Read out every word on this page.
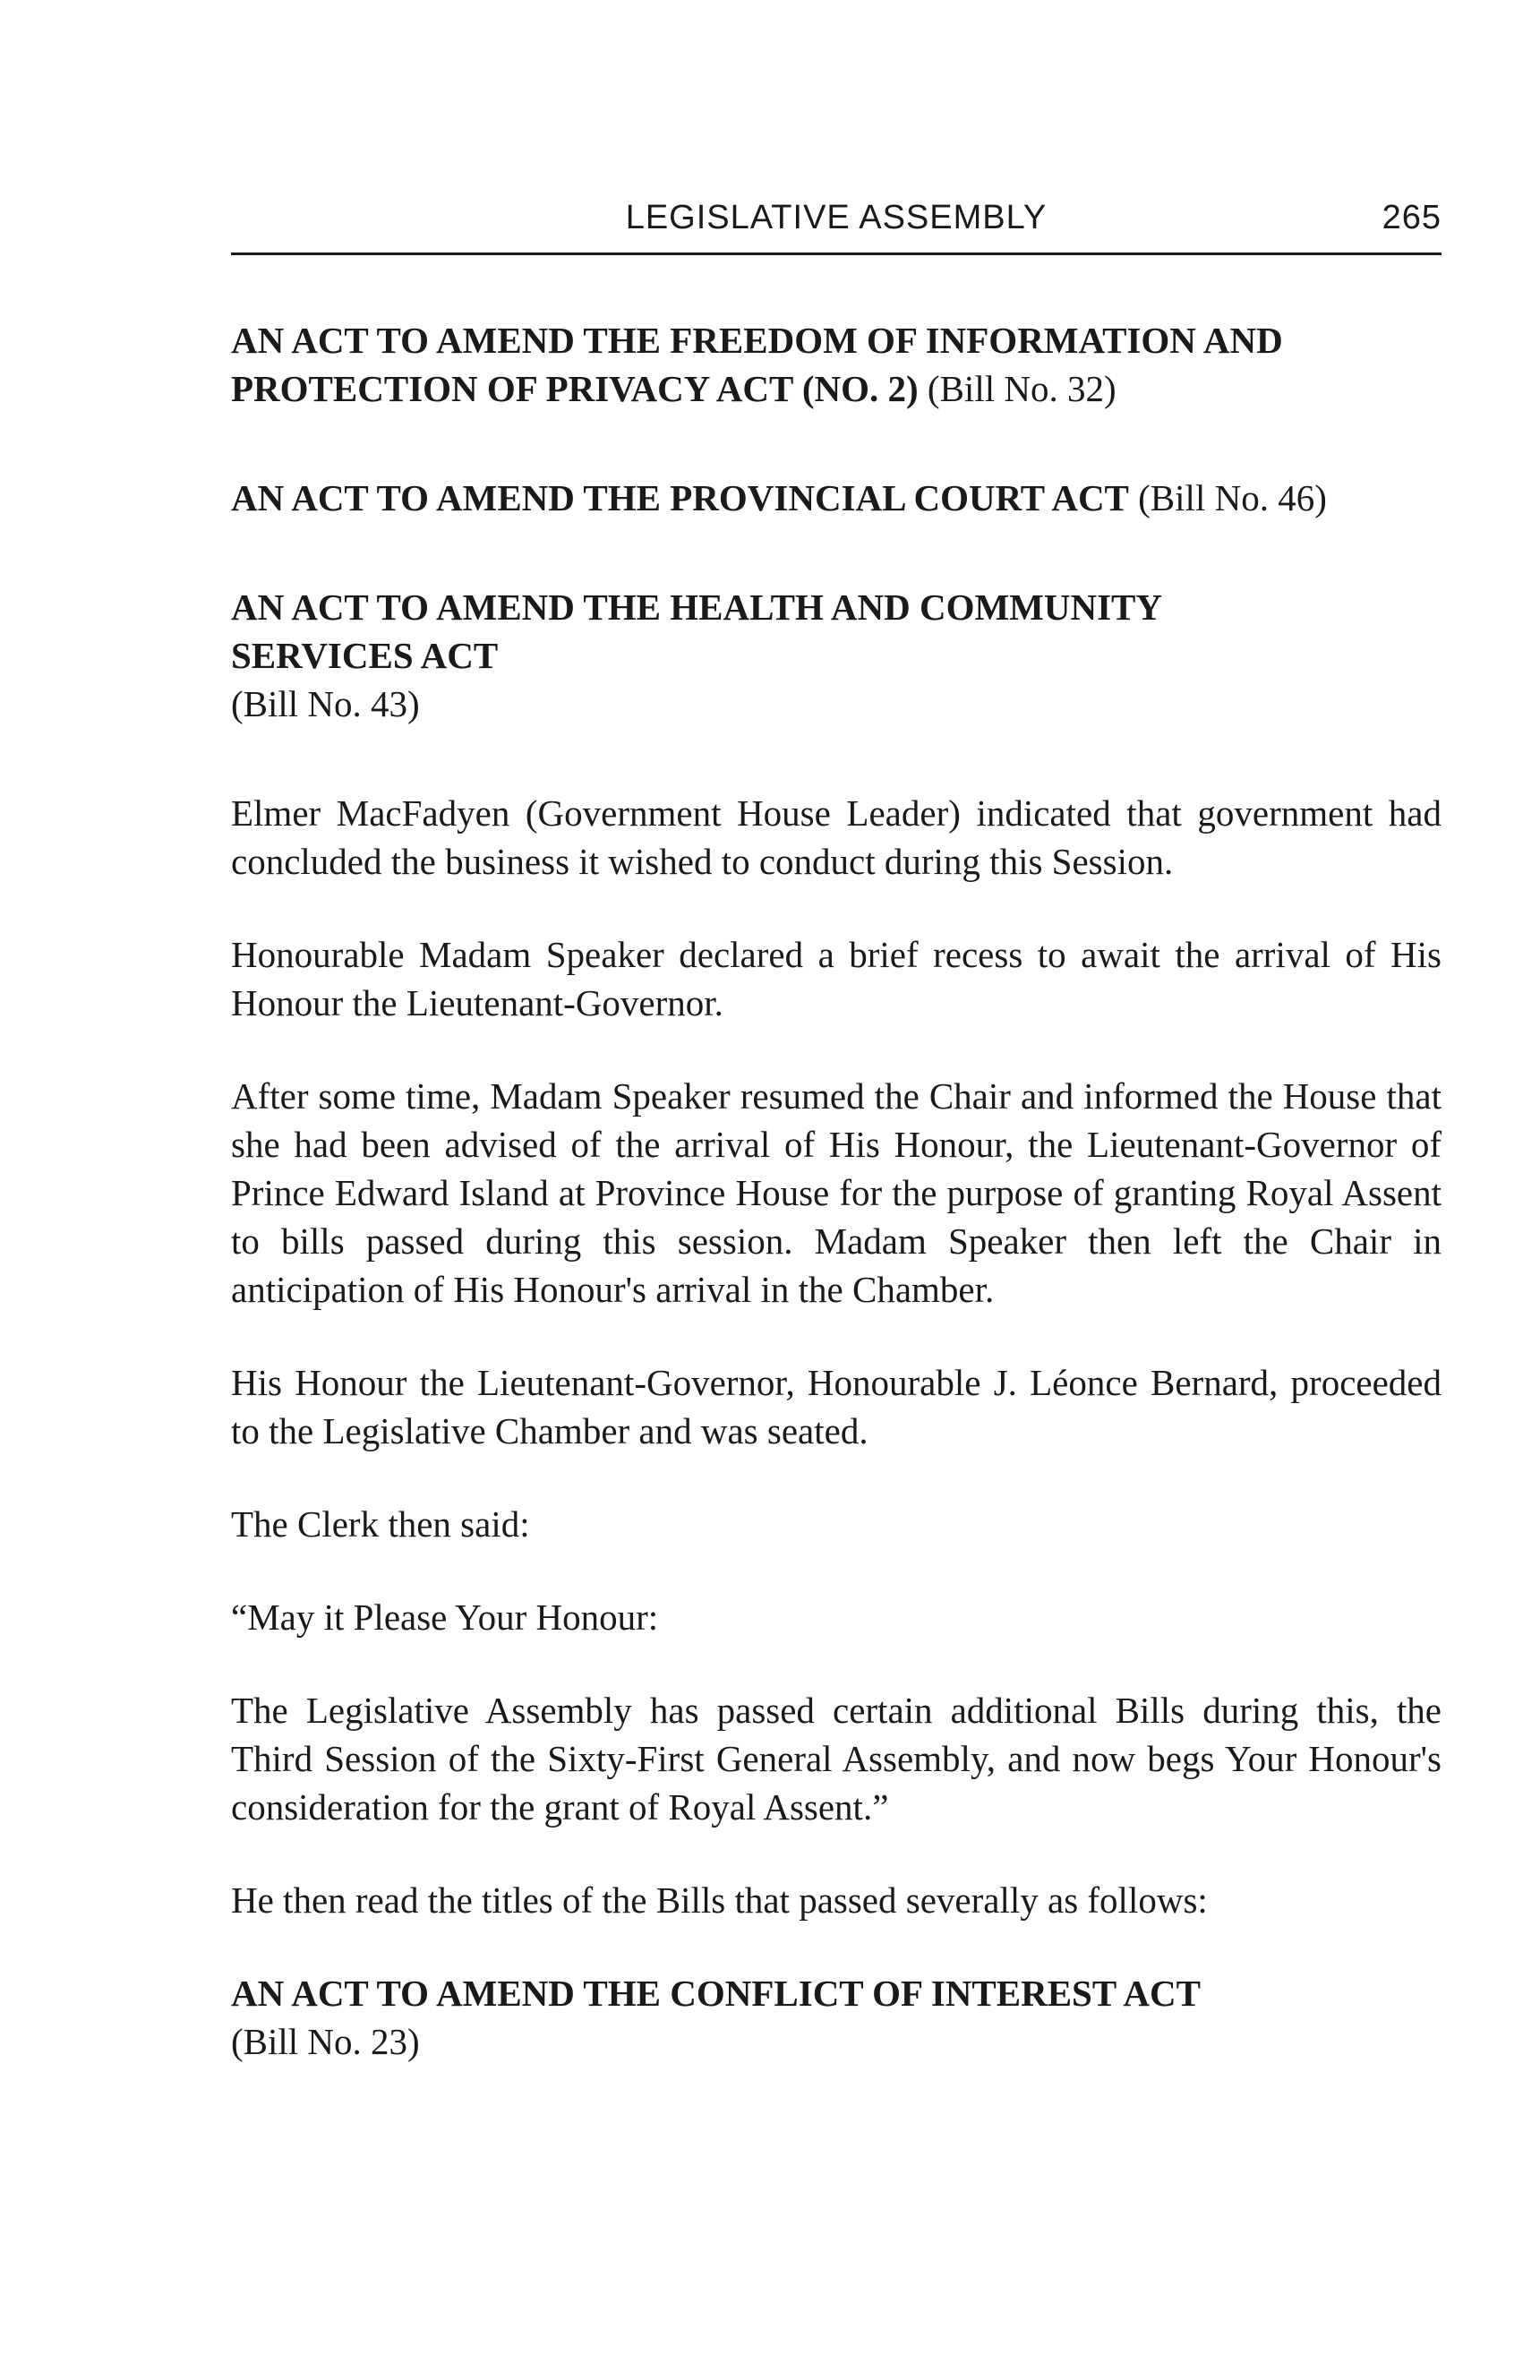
LEGISLATIVE ASSEMBLY	265

AN ACT TO AMEND THE FREEDOM OF INFORMATION AND
PROTECTION OF PRIVACY ACT (NO. 2) (Bill No. 32)

AN ACT TO AMEND THE PROVINCIAL COURT ACT (Bill No. 46)

AN ACT TO AMEND THE HEALTH AND COMMUNITY
SERVICES ACT
(Bill No. 43)

Elmer MacFadyen (Government House Leader) indicated that government had concluded the business it wished to conduct during this Session.

Honourable Madam Speaker declared a brief recess to await the arrival of His Honour the Lieutenant-Governor.

After some time, Madam Speaker resumed the Chair and informed the House that she had been advised of the arrival of His Honour, the Lieutenant-Governor of Prince Edward Island at Province House for the purpose of granting Royal Assent to bills passed during this session. Madam Speaker then left the Chair in anticipation of His Honour's arrival in the Chamber.

His Honour the Lieutenant-Governor, Honourable J. Léonce Bernard, proceeded to the Legislative Chamber and was seated.

The Clerk then said:

“May it Please Your Honour:

The Legislative Assembly has passed certain additional Bills during this, the Third Session of the Sixty-First General Assembly, and now begs Your Honour's consideration for the grant of Royal Assent.”

He then read the titles of the Bills that passed severally as follows:

AN ACT TO AMEND THE CONFLICT OF INTEREST ACT
(Bill No. 23)
